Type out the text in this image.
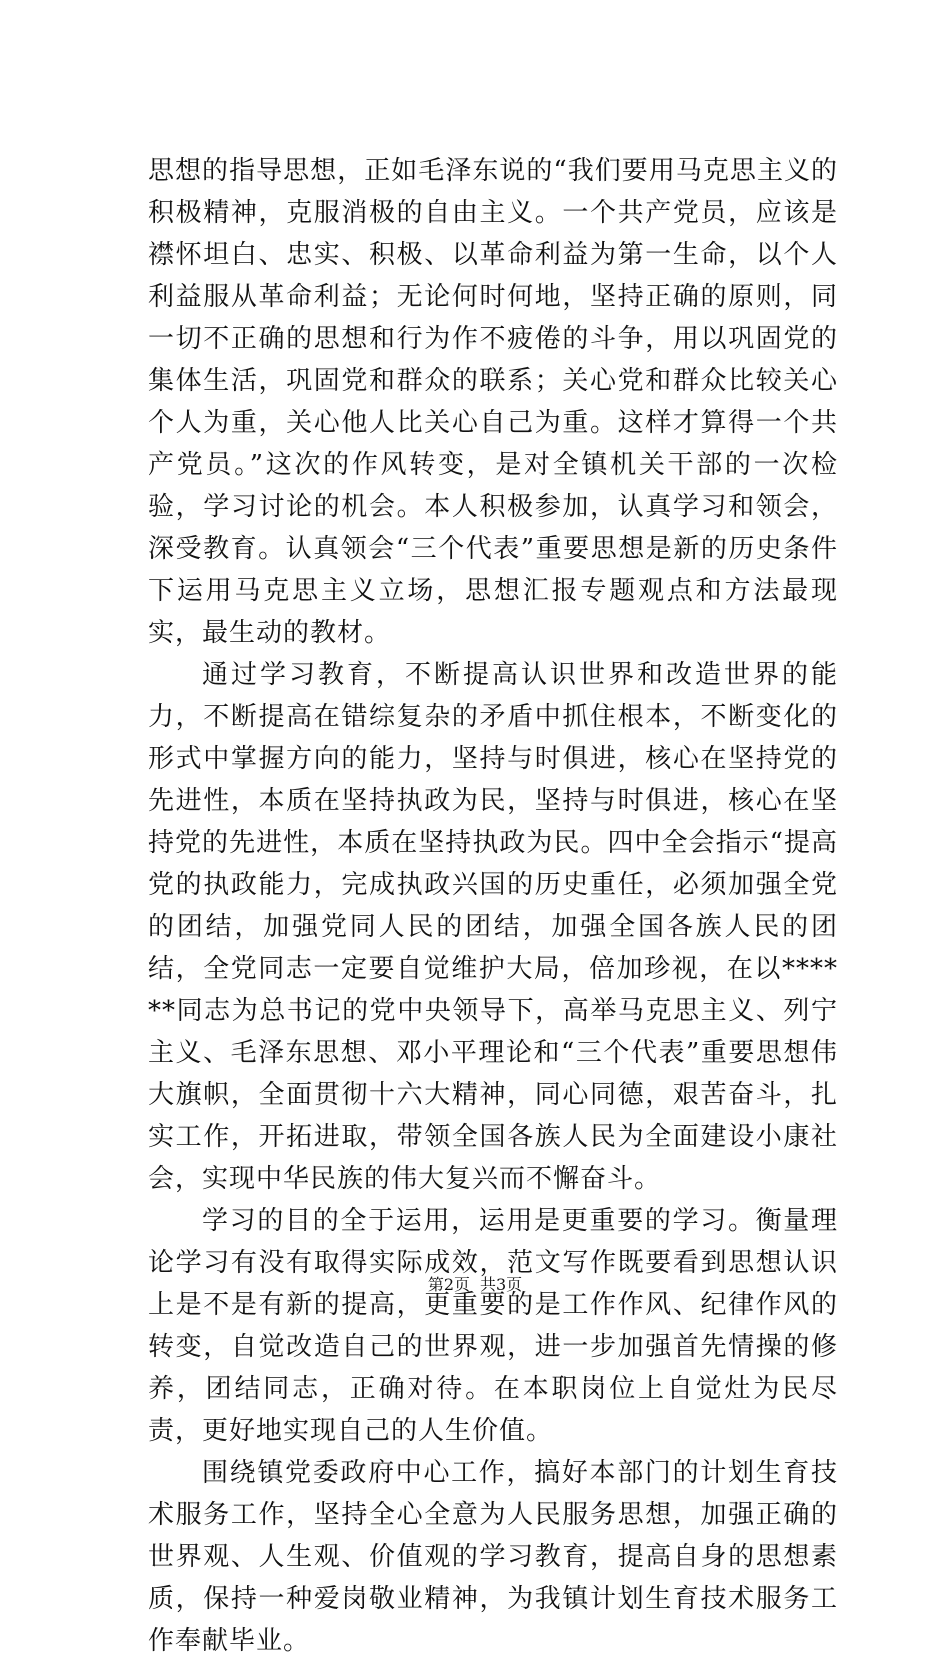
思想的指导思想，正如毛泽东说的“我们要用马克思主义的积极精神，克服消极的自由主义。一个共产党员，应该是襟怀坦白、忠实、积极、以革命利益为第一生命，以个人利益服从革命利益；无论何时何地，坚持正确的原则，同一切不正确的思想和行为作不疲倦的斗争，用以巩固党的集体生活，巩固党和群众的联系；关心党和群众比较关心个人为重，关心他人比关心自己为重。这样才算得一个共产党员。”这次的作风转变，是对全镇机关干部的一次检验，学习讨论的机会。本人积极参加，认真学习和领会，深受教育。认真领会“三个代表”重要思想是新的历史条件下运用马克思主义立场，思想汇报专题观点和方法最现实，最生动的教材。

通过学习教育，不断提高认识世界和改造世界的能力，不断提高在错综复杂的矛盾中抓住根本，不断变化的形式中掌握方向的能力，坚持与时俱进，核心在坚持党的先进性，本质在坚持执政为民，坚持与时俱进，核心在坚持党的先进性，本质在坚持执政为民。四中全会指示“提高党的执政能力，完成执政兴国的历史重任，必须加强全党的团结，加强党同人民的团结，加强全国各族人民的团结，全党同志一定要自觉维护大局，倍加珍视，在以******同志为总书记的党中央领导下，高举马克思主义、列宁主义、毛泽东思想、邓小平理论和“三个代表”重要思想伟大旗帜，全面贯彻十六大精神，同心同德，艰苦奋斗，扎实工作，开拓进取，带领全国各族人民为全面建设小康社会，实现中华民族的伟大复兴而不懈奋斗。

学习的目的全于运用，运用是更重要的学习。衡量理论学习有没有取得实际成效，范文写作既要看到思想认识上是不是有新的提高，更重要的是工作作风、纪律作风的转变，自觉改造自己的世界观，进一步加强首先情操的修养，团结同志，正确对待。在本职岗位上自觉灶为民尽责，更好地实现自己的人生价值。

围绕镇党委政府中心工作，搞好本部门的计划生育技术服务工作，坚持全心全意为人民服务思想，加强正确的世界观、人生观、价值观的学习教育，提高自身的思想素质，保持一种爱岗敬业精神，为我镇计划生育技术服务工作奉献毕业。

第2页 共3页
